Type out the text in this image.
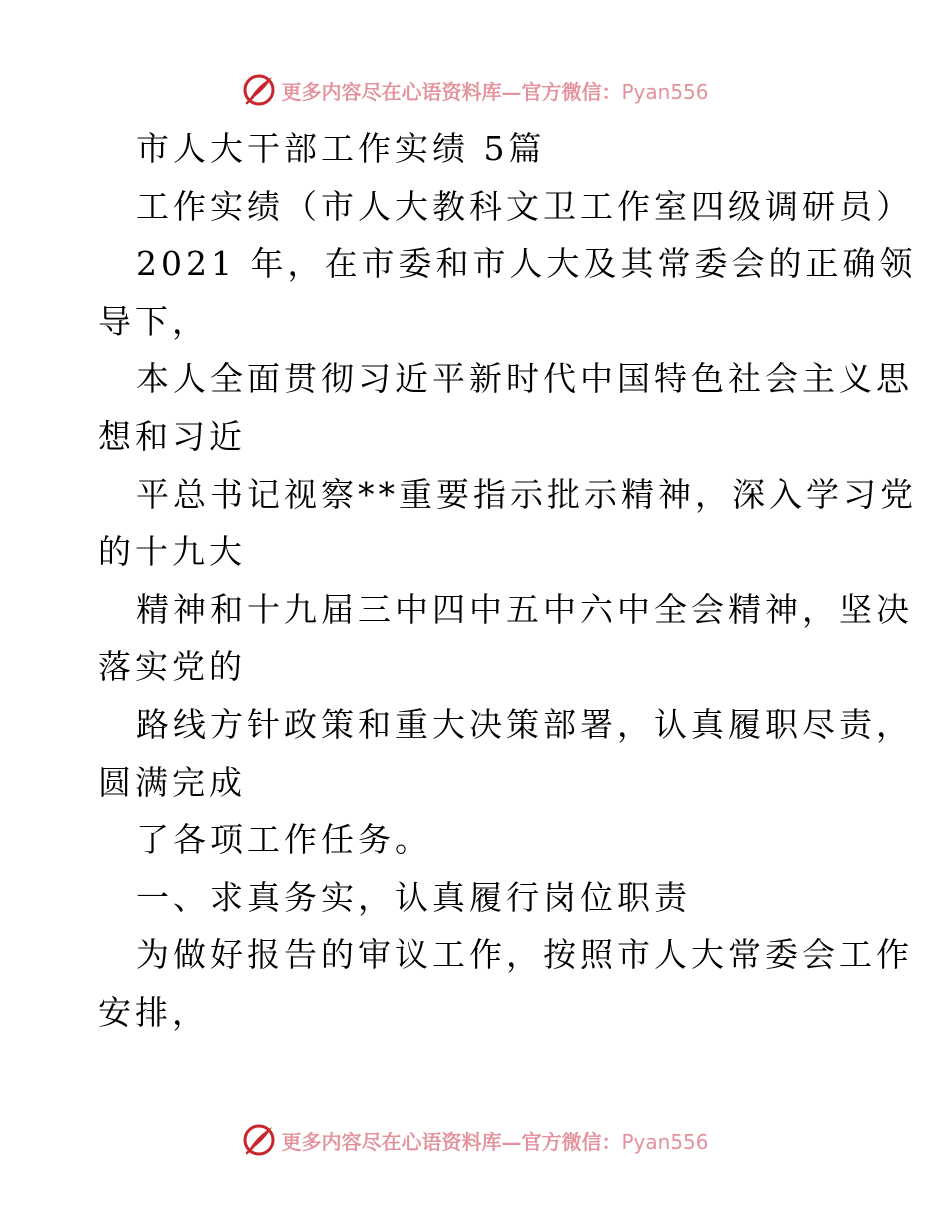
更多内容尽在心语资料库—官方微信：Pyan556
市人大干部工作实绩 5篇
工作实绩（市人大教科文卫工作室四级调研员）
2021 年，在市委和市人大及其常委会的正确领
导下，
本人全面贯彻习近平新时代中国特色社会主义思
想和习近
平总书记视察**重要指示批示精神，深入学习党
的十九大
精神和十九届三中四中五中六中全会精神，坚决
落实党的
路线方针政策和重大决策部署，认真履职尽责，
圆满完成
了各项工作任务。
一、求真务实，认真履行岗位职责
为做好报告的审议工作，按照市人大常委会工作
安排，
更多内容尽在心语资料库—官方微信：Pyan556
